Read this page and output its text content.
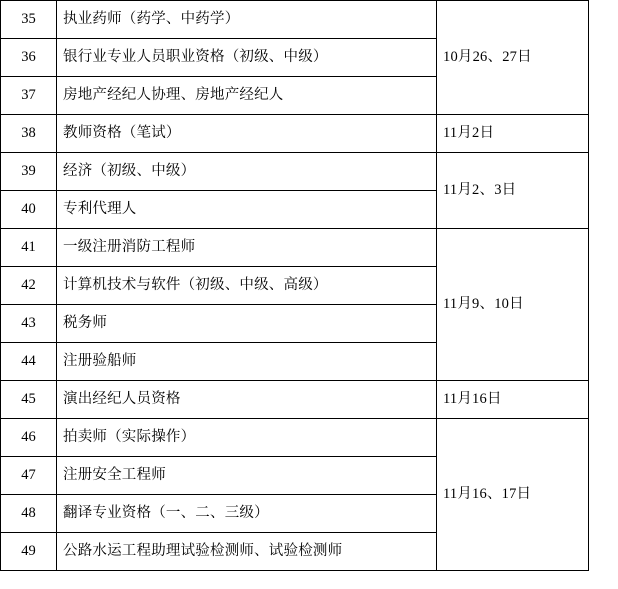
35	执业药师（药学、中药学）	10月26、27日
36	银行业专业人员职业资格（初级、中级）	
37	房地产经纪人协理、房地产经纪人	
38	教师资格（笔试）	11月2日
39	经济（初级、中级）	11月2、3日
40	专利代理人	
41	一级注册消防工程师	11月9、10日
42	计算机技术与软件（初级、中级、高级）	
43	税务师	
44	注册验船师	
45	演出经纪人员资格	11月16日
46	拍卖师（实际操作）	11月16、17日
47	注册安全工程师	
48	翻译专业资格（一、二、三级）	
49	公路水运工程助理试验检测师、试验检测师	
